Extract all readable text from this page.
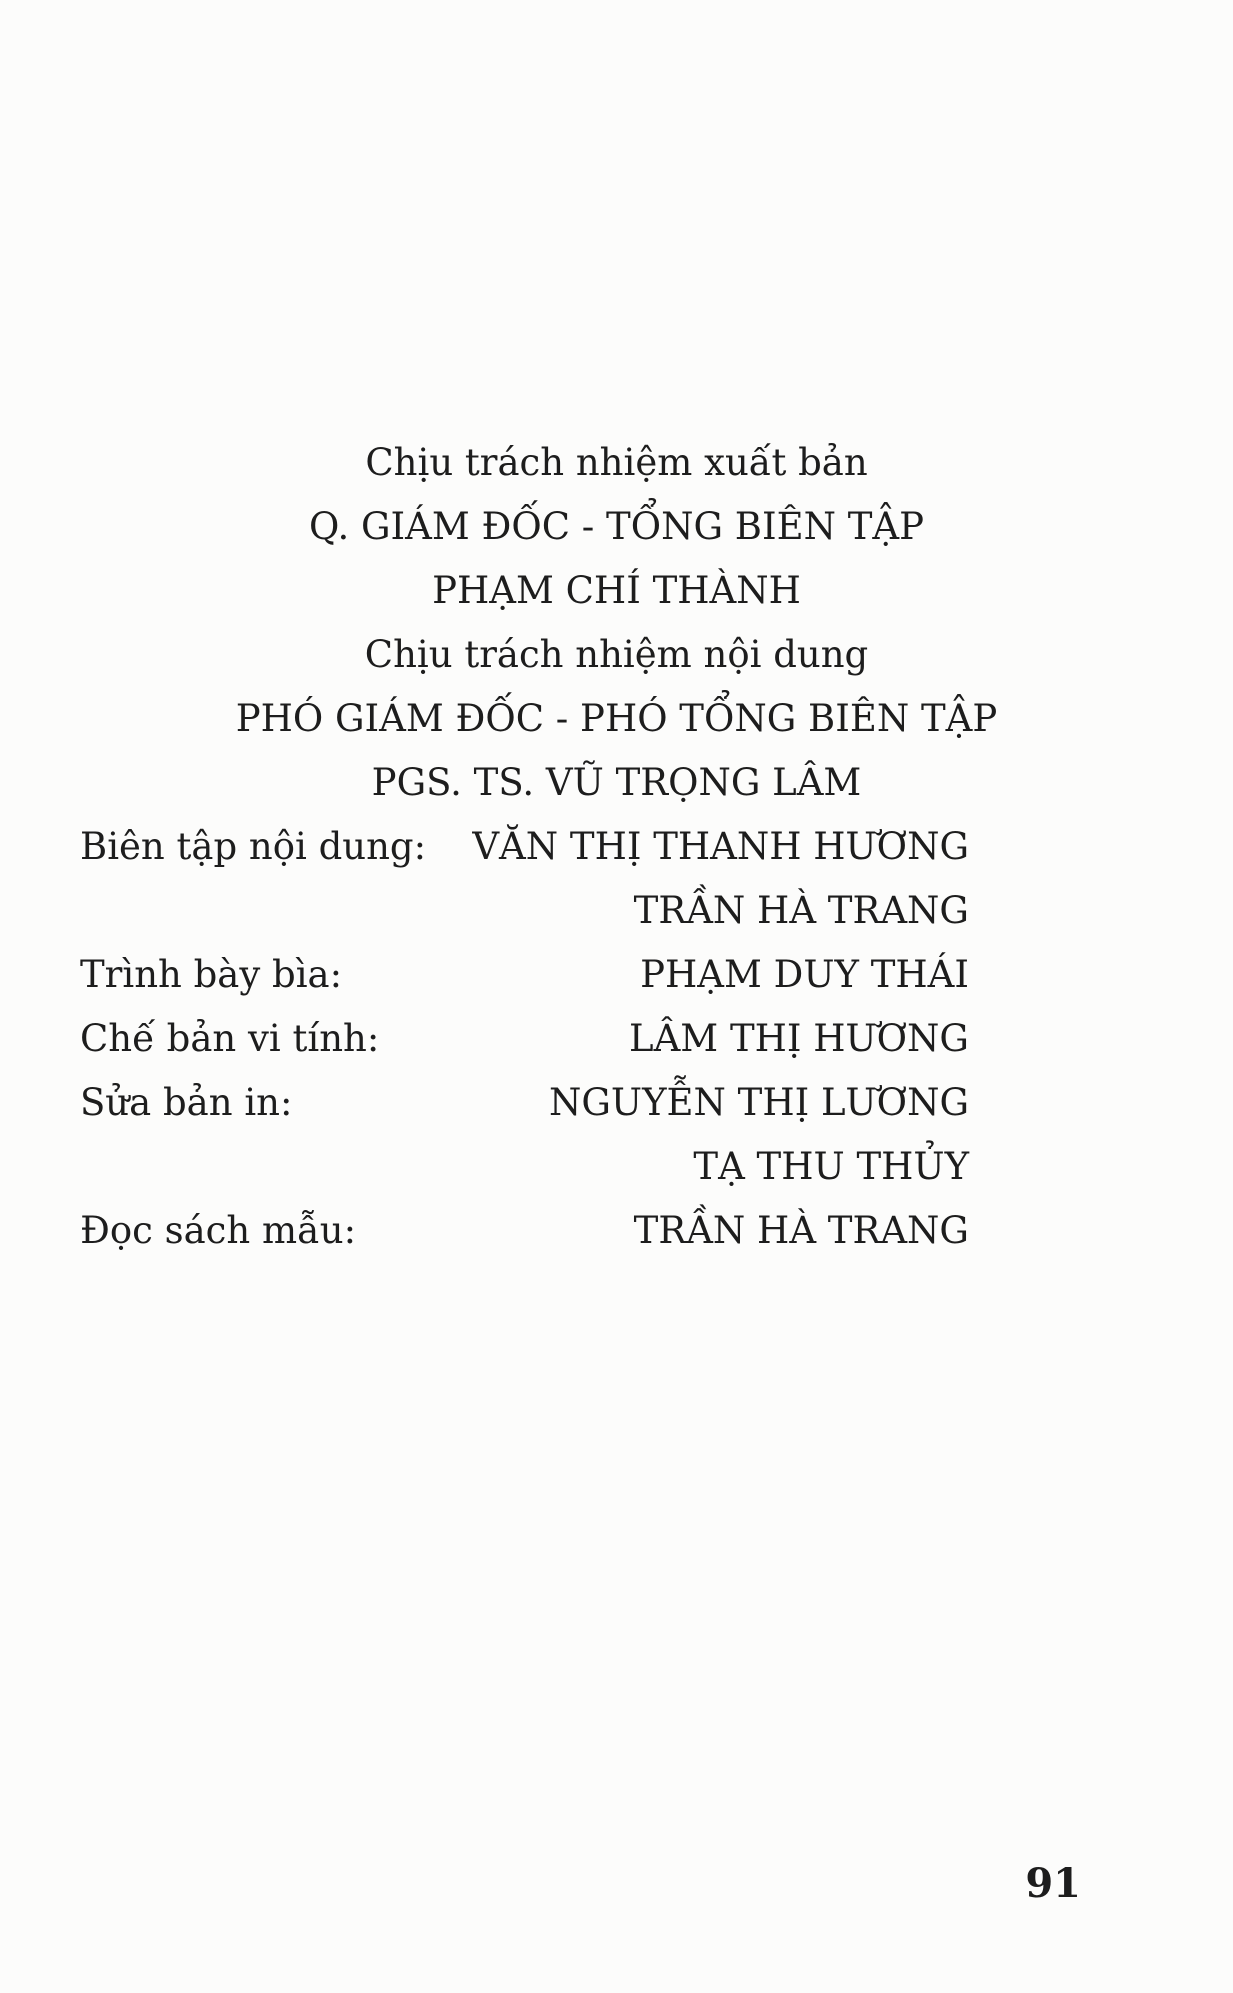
Chịu trách nhiệm xuất bản
Q. GIÁM ĐỐC - TỔNG BIÊN TẬP
PHẠM CHÍ THÀNH
Chịu trách nhiệm nội dung
PHÓ GIÁM ĐỐC - PHÓ TỔNG BIÊN TẬP
PGS. TS. VŨ TRỌNG LÂM
Biên tập nội dung: VĂN THỊ THANH HƯƠNG
TRẦN HÀ TRANG
Trình bày bìa:	PHẠM DUY THÁI
Chế bản vi tính:	LÂM THỊ HƯƠNG
Sửa bản in:	NGUYỄN THỊ LƯƠNG
TẠ THU THỦY
Đọc sách mẫu:	TRẦN HÀ TRANG
91
